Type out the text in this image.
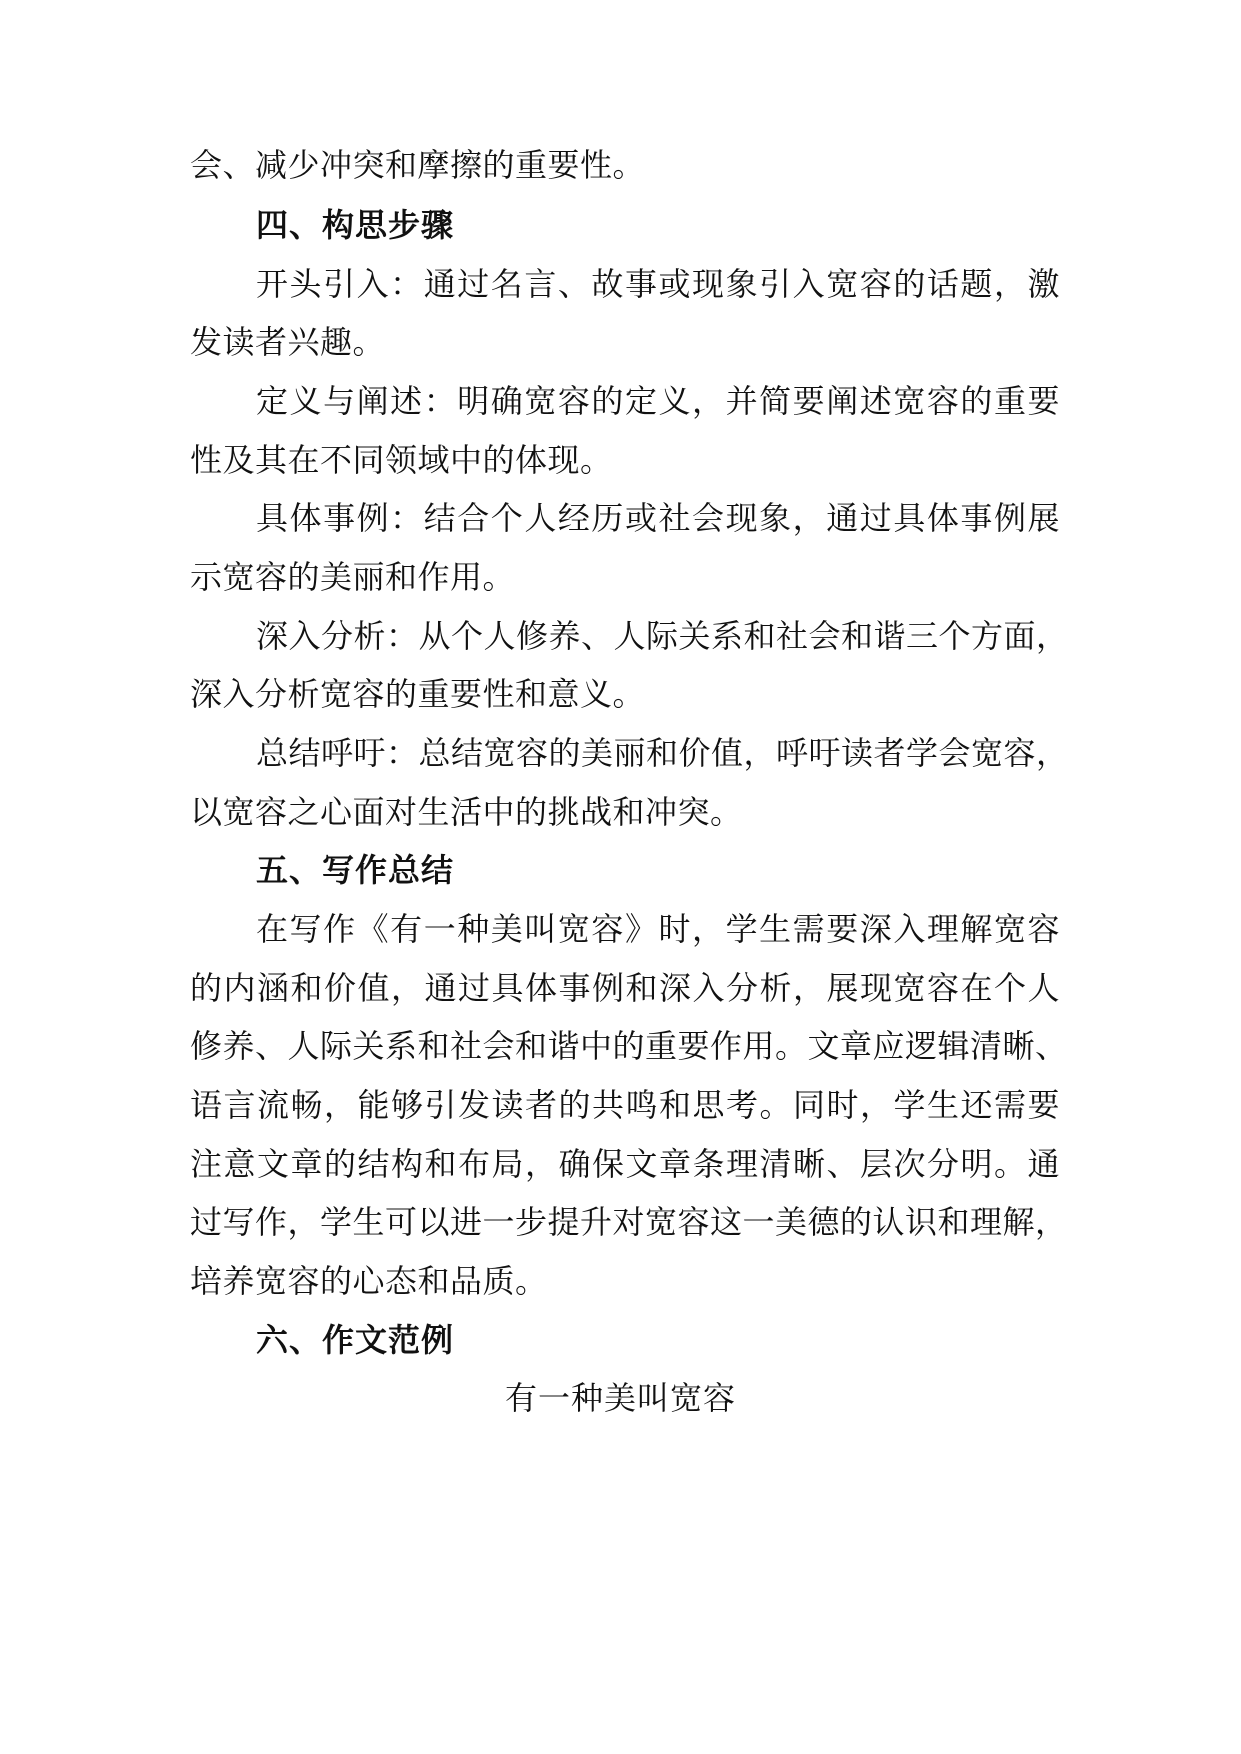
会、减少冲突和摩擦的重要性。
四、构思步骤
开头引入：通过名言、故事或现象引入宽容的话题，激
发读者兴趣。
定义与阐述：明确宽容的定义，并简要阐述宽容的重要
性及其在不同领域中的体现。
具体事例：结合个人经历或社会现象，通过具体事例展
示宽容的美丽和作用。
深入分析：从个人修养、人际关系和社会和谐三个方面，
深入分析宽容的重要性和意义。
总结呼吁：总结宽容的美丽和价值，呼吁读者学会宽容，
以宽容之心面对生活中的挑战和冲突。
五、写作总结
在写作《有一种美叫宽容》时，学生需要深入理解宽容
的内涵和价值，通过具体事例和深入分析，展现宽容在个人
修养、人际关系和社会和谐中的重要作用。文章应逻辑清晰、
语言流畅，能够引发读者的共鸣和思考。同时，学生还需要
注意文章的结构和布局，确保文章条理清晰、层次分明。通
过写作，学生可以进一步提升对宽容这一美德的认识和理解，
培养宽容的心态和品质。
六、作文范例
有一种美叫宽容
